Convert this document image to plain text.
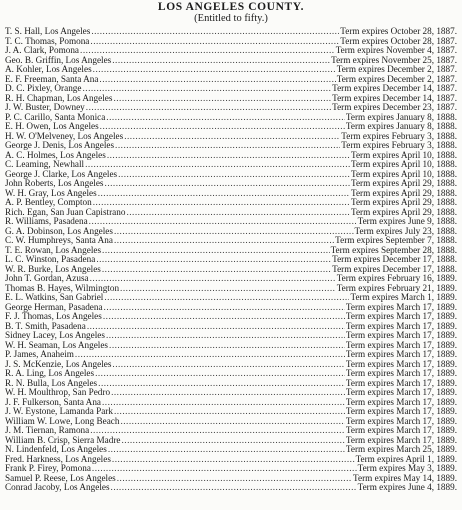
LOS ANGELES COUNTY.
(Entitled to fifty.)
T. S. Hall, Los Angeles .....	Term expires October 28, 1887.
T. C. Thomas, Pomona .....	Term expires October 28, 1887.
J. A. Clark, Pomona .....	Term expires November 4, 1887.
Geo. B. Griffin, Los Angeles .....	Term expires November 25, 1887.
A. Kohler, Los Angeles .....	Term expires December 2, 1887.
E. F. Freeman, Santa Ana .....	Term expires December 2, 1887.
D. C. Pixley, Orange .....	Term expires December 14, 1887.
R. H. Chapman, Los Angeles .....	Term expires December 14, 1887.
J. W. Buster, Downey .....	Term expires December 23, 1887.
P. C. Carillo, Santa Monica .....	Term expires January 8, 1888.
E. H. Owen, Los Angeles .....	Term expires January 8, 1888.
H. W. O'Melveney, Los Angeles .....	Term expires February 3, 1888.
George J. Denis, Los Angeles .....	Term expires February 3, 1888.
A. C. Holmes, Los Angeles .....	Term expires April 10, 1888.
C. Leaming, Newhall .....	Term expires April 10, 1888.
George J. Clarke, Los Angeles .....	Term expires April 10, 1888.
John Roberts, Los Angeles .....	Term expires April 29, 1888.
W. H. Gray, Los Angeles .....	Term expires April 29, 1888.
A. P. Bentley, Compton .....	Term expires April 29, 1888.
Rich. Egan, San Juan Capistrano .....	Term expires April 29, 1888.
R. Williams, Pasadena .....	Term expires June 9, 1888.
G. A. Dobinson, Los Angeles .....	Term expires July 23, 1888.
C. W. Humphreys, Santa Ana .....	Term expires September 7, 1888.
T. E. Rowan, Los Angeles .....	Term expires September 28, 1888.
L. C. Winston, Pasadena .....	Term expires December 17, 1888.
W. R. Burke, Los Angeles .....	Term expires December 17, 1888.
John T. Gordan, Azusa .....	Term expires February 16, 1889.
Thomas B. Hayes, Wilmington .....	Term expires February 21, 1889.
E. L. Watkins, San Gabriel .....	Term expires March 1, 1889.
George Herman, Pasadena .....	Term expires March 17, 1889.
F. J. Thomas, Los Angeles .....	Term expires March 17, 1889.
B. T. Smith, Pasadena .....	Term expires March 17, 1889.
Sidney Lacey, Los Angeles .....	Term expires March 17, 1889.
W. H. Seaman, Los Angeles .....	Term expires March 17, 1889.
P. James, Anaheim .....	Term expires March 17, 1889.
J. S. McKenzie, Los Angeles .....	Term expires March 17, 1889.
R. A. Ling, Los Angeles .....	Term expires March 17, 1889.
R. N. Bulla, Los Angeles .....	Term expires March 17, 1889.
W. H. Moulthrop, San Pedro .....	Term expires March 17, 1889.
J. F. Fulkerson, Santa Ana .....	Term expires March 17, 1889.
J. W. Eystone, Lamanda Park .....	Term expires March 17, 1889.
William W. Lowe, Long Beach .....	Term expires March 17, 1889.
J. M. Tiernan, Ramona .....	Term expires March 17, 1889.
William B. Crisp, Sierra Madre .....	Term expires March 17, 1889.
N. Lindenfeld, Los Angeles .....	Term expires March 25, 1889.
Fred. Harkness, Los Angeles .....	Term expires April 1, 1889.
Frank P. Firey, Pomona .....	Term expires May 3, 1889.
Samuel P. Reese, Los Angeles .....	Term expires May 14, 1889.
Conrad Jacoby, Los Angeles .....	Term expires June 4, 1889.
